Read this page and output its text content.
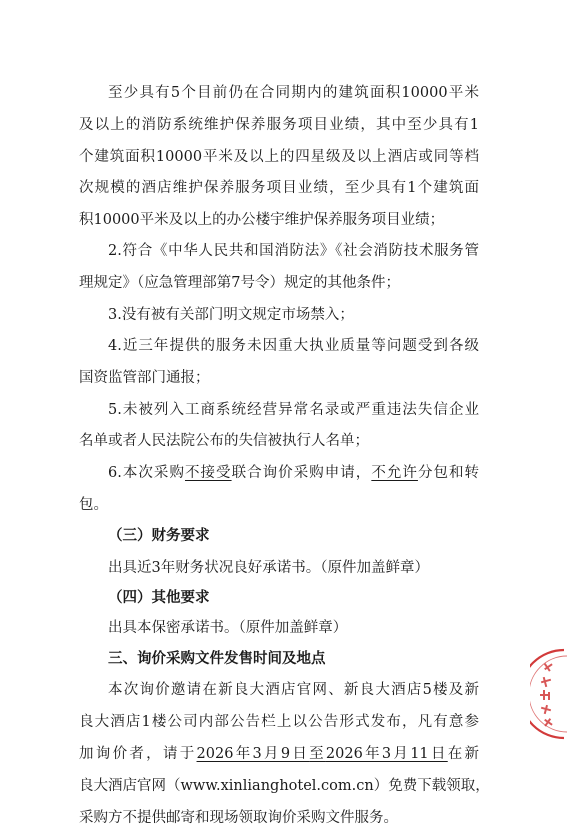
至少具有5个目前仍在合同期内的建筑面积10000平米
及以上的消防系统维护保养服务项目业绩，其中至少具有1
个建筑面积10000平米及以上的四星级及以上酒店或同等档
次规模的酒店维护保养服务项目业绩，至少具有1个建筑面
积10000平米及以上的办公楼宇维护保养服务项目业绩；
2.符合《中华人民共和国消防法》《社会消防技术服务管
理规定》（应急管理部第7号令）规定的其他条件；
3.没有被有关部门明文规定市场禁入；
4.近三年提供的服务未因重大执业质量等问题受到各级
国资监管部门通报；
5.未被列入工商系统经营异常名录或严重违法失信企业
名单或者人民法院公布的失信被执行人名单；
6.本次采购不接受联合询价采购申请，不允许分包和转
包。
（三）财务要求
出具近3年财务状况良好承诺书。（原件加盖鲜章）
（四）其他要求
出具本保密承诺书。（原件加盖鲜章）
三、询价采购文件发售时间及地点
本次询价邀请在新良大酒店官网、新良大酒店5楼及新
良大酒店1楼公司内部公告栏上以公告形式发布，凡有意参
加询价者，请于2026年3月9日至2026年3月11日在新
良大酒店官网（www.xinlianghotel.com.cn）免费下载领取，
采购方不提供邮寄和现场领取询价采购文件服务。
